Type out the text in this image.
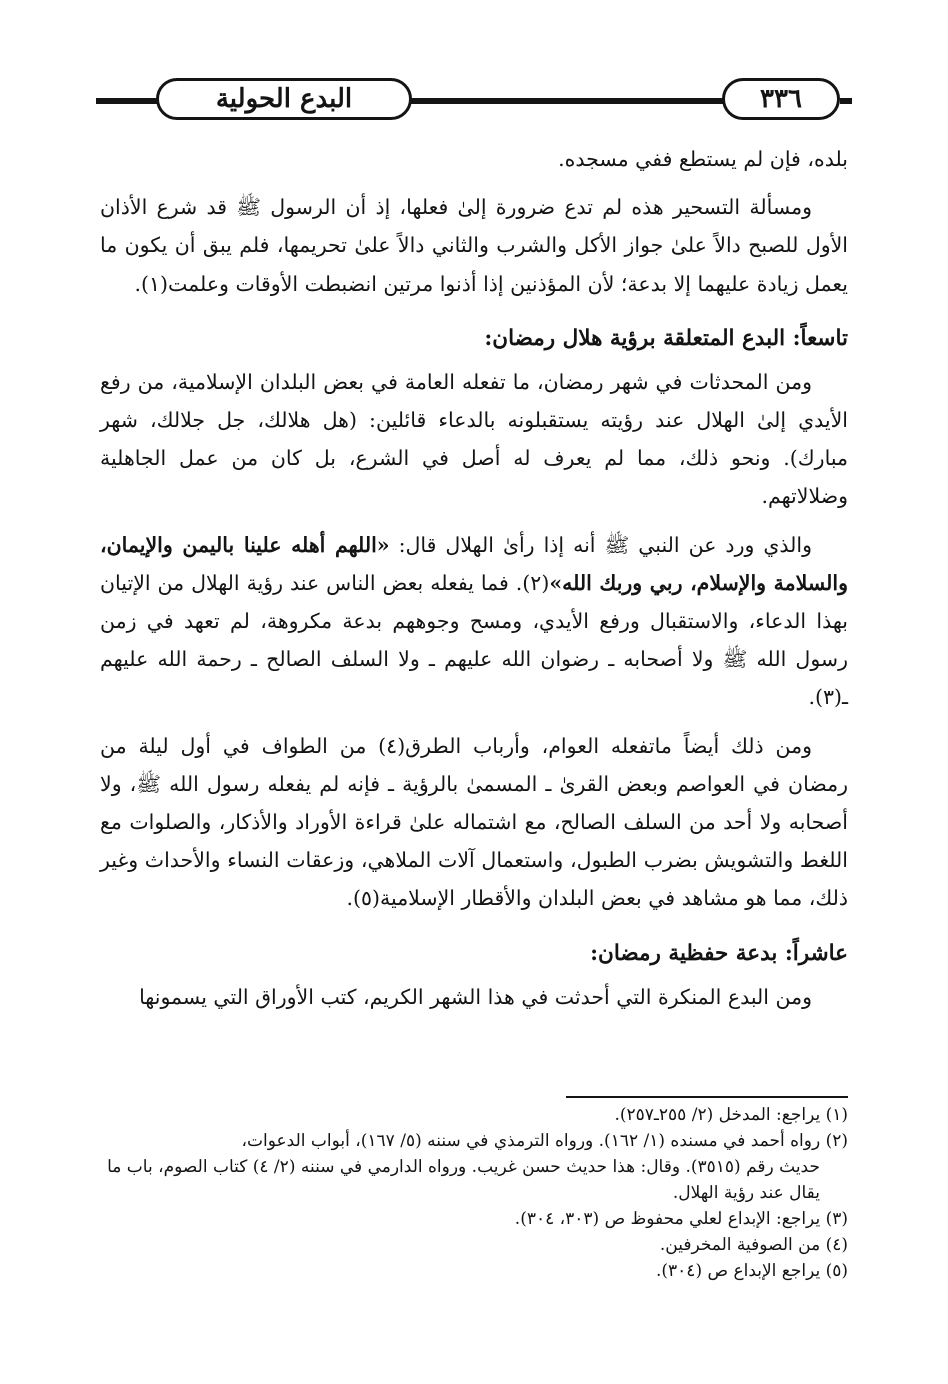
البدع الحولية	٣٣٦

بلده، فإن لم يستطع ففي مسجده.

ومسألة التسحير هذه لم تدع ضرورة إلىٰ فعلها، إذ أن الرسول ﷺ قد شرع الأذان الأول للصبح دالاً علىٰ جواز الأكل والشرب والثاني دالاً علىٰ تحريمها، فلم يبق أن يكون ما يعمل زيادة عليهما إلا بدعة؛ لأن المؤذنين إذا أذنوا مرتين انضبطت الأوقات وعلمت(١).

تاسعاً: البدع المتعلقة برؤية هلال رمضان:

ومن المحدثات في شهر رمضان، ما تفعله العامة في بعض البلدان الإسلامية، من رفع الأيدي إلىٰ الهلال عند رؤيته يستقبلونه بالدعاء قائلين: (هل هلالك، جل جلالك، شهر مبارك). ونحو ذلك، مما لم يعرف له أصل في الشرع، بل كان من عمل الجاهلية وضلالاتهم.

والذي ورد عن النبي ﷺ أنه إذا رأىٰ الهلال قال: «اللهم أهله علينا باليمن والإيمان، والسلامة والإسلام، ربي وربك الله»(٢). فما يفعله بعض الناس عند رؤية الهلال من الإتيان بهذا الدعاء، والاستقبال ورفع الأيدي، ومسح وجوههم بدعة مكروهة، لم تعهد في زمن رسول الله ﷺ ولا أصحابه ـ رضوان الله عليهم ـ ولا السلف الصالح ـ رحمة الله عليهم ـ(٣).

ومن ذلك أيضاً ماتفعله العوام، وأرباب الطرق(٤) من الطواف في أول ليلة من رمضان في العواصم وبعض القرىٰ ـ المسمىٰ بالرؤية ـ فإنه لم يفعله رسول الله ﷺ، ولا أصحابه ولا أحد من السلف الصالح، مع اشتماله علىٰ قراءة الأوراد والأذكار، والصلوات مع اللغط والتشويش بضرب الطبول، واستعمال آلات الملاهي، وزعقات النساء والأحداث وغير ذلك، مما هو مشاهد في بعض البلدان والأقطار الإسلامية(٥).

عاشراً: بدعة حفظية رمضان:

ومن البدع المنكرة التي أحدثت في هذا الشهر الكريم، كتب الأوراق التي يسمونها

(١) يراجع: المدخل (٢/ ٢٥٥ـ٢٥٧).

(٢) رواه أحمد في مسنده (١/ ١٦٢). ورواه الترمذي في سننه (٥/ ١٦٧)، أبواب الدعوات،

حديث رقم (٣٥١٥). وقال: هذا حديث حسن غريب. ورواه الدارمي في سننه (٢/ ٤) كتاب الصوم، باب ما يقال عند رؤية الهلال.

(٣) يراجع: الإبداع لعلي محفوظ ص (٣٠٣، ٣٠٤).

(٤) من الصوفية المخرفين.

(٥) يراجع الإبداع ص (٣٠٤).
